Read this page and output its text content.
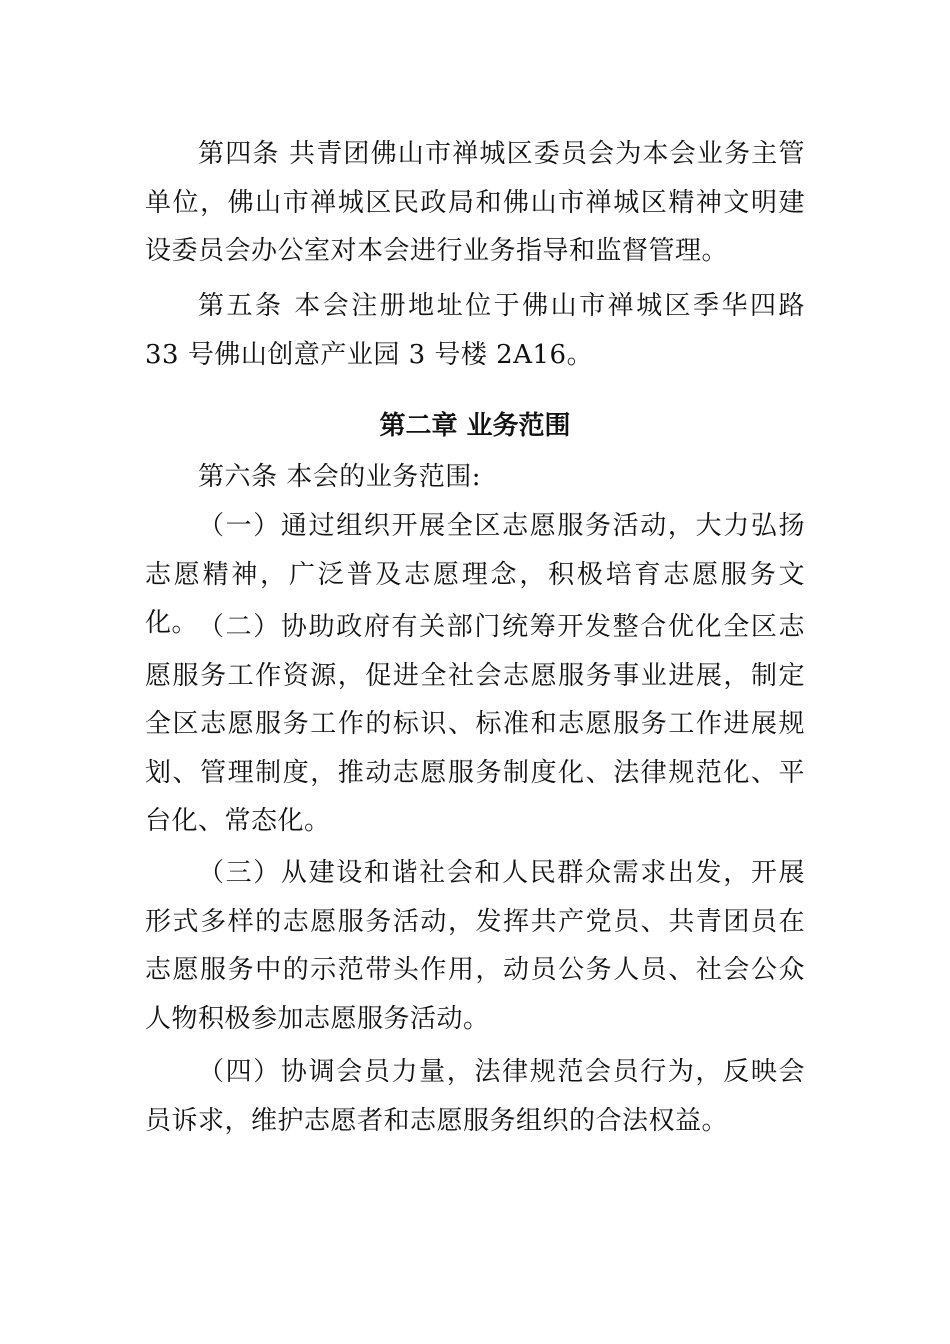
第四条 共青团佛山市禅城区委员会为本会业务主管单位，佛山市禅城区民政局和佛山市禅城区精神文明建设委员会办公室对本会进行业务指导和监督管理。

第五条 本会注册地址位于佛山市禅城区季华四路 33 号佛山创意产业园 3 号楼 2A16。

第二章 业务范围

第六条 本会的业务范围:

（一）通过组织开展全区志愿服务活动，大力弘扬志愿精神，广泛普及志愿理念，积极培育志愿服务文化。 （二）协助政府有关部门统筹开发整合优化全区志愿服务工作资源，促进全社会志愿服务事业进展，制定全区志愿服务工作的标识、标准和志愿服务工作进展规划、管理制度，推动志愿服务制度化、法律规范化、平台化、常态化。

（三）从建设和谐社会和人民群众需求出发，开展形式多样的志愿服务活动，发挥共产党员、共青团员在志愿服务中的示范带头作用，动员公务人员、社会公众人物积极参加志愿服务活动。

（四）协调会员力量，法律规范会员行为，反映会员诉求，维护志愿者和志愿服务组织的合法权益。
